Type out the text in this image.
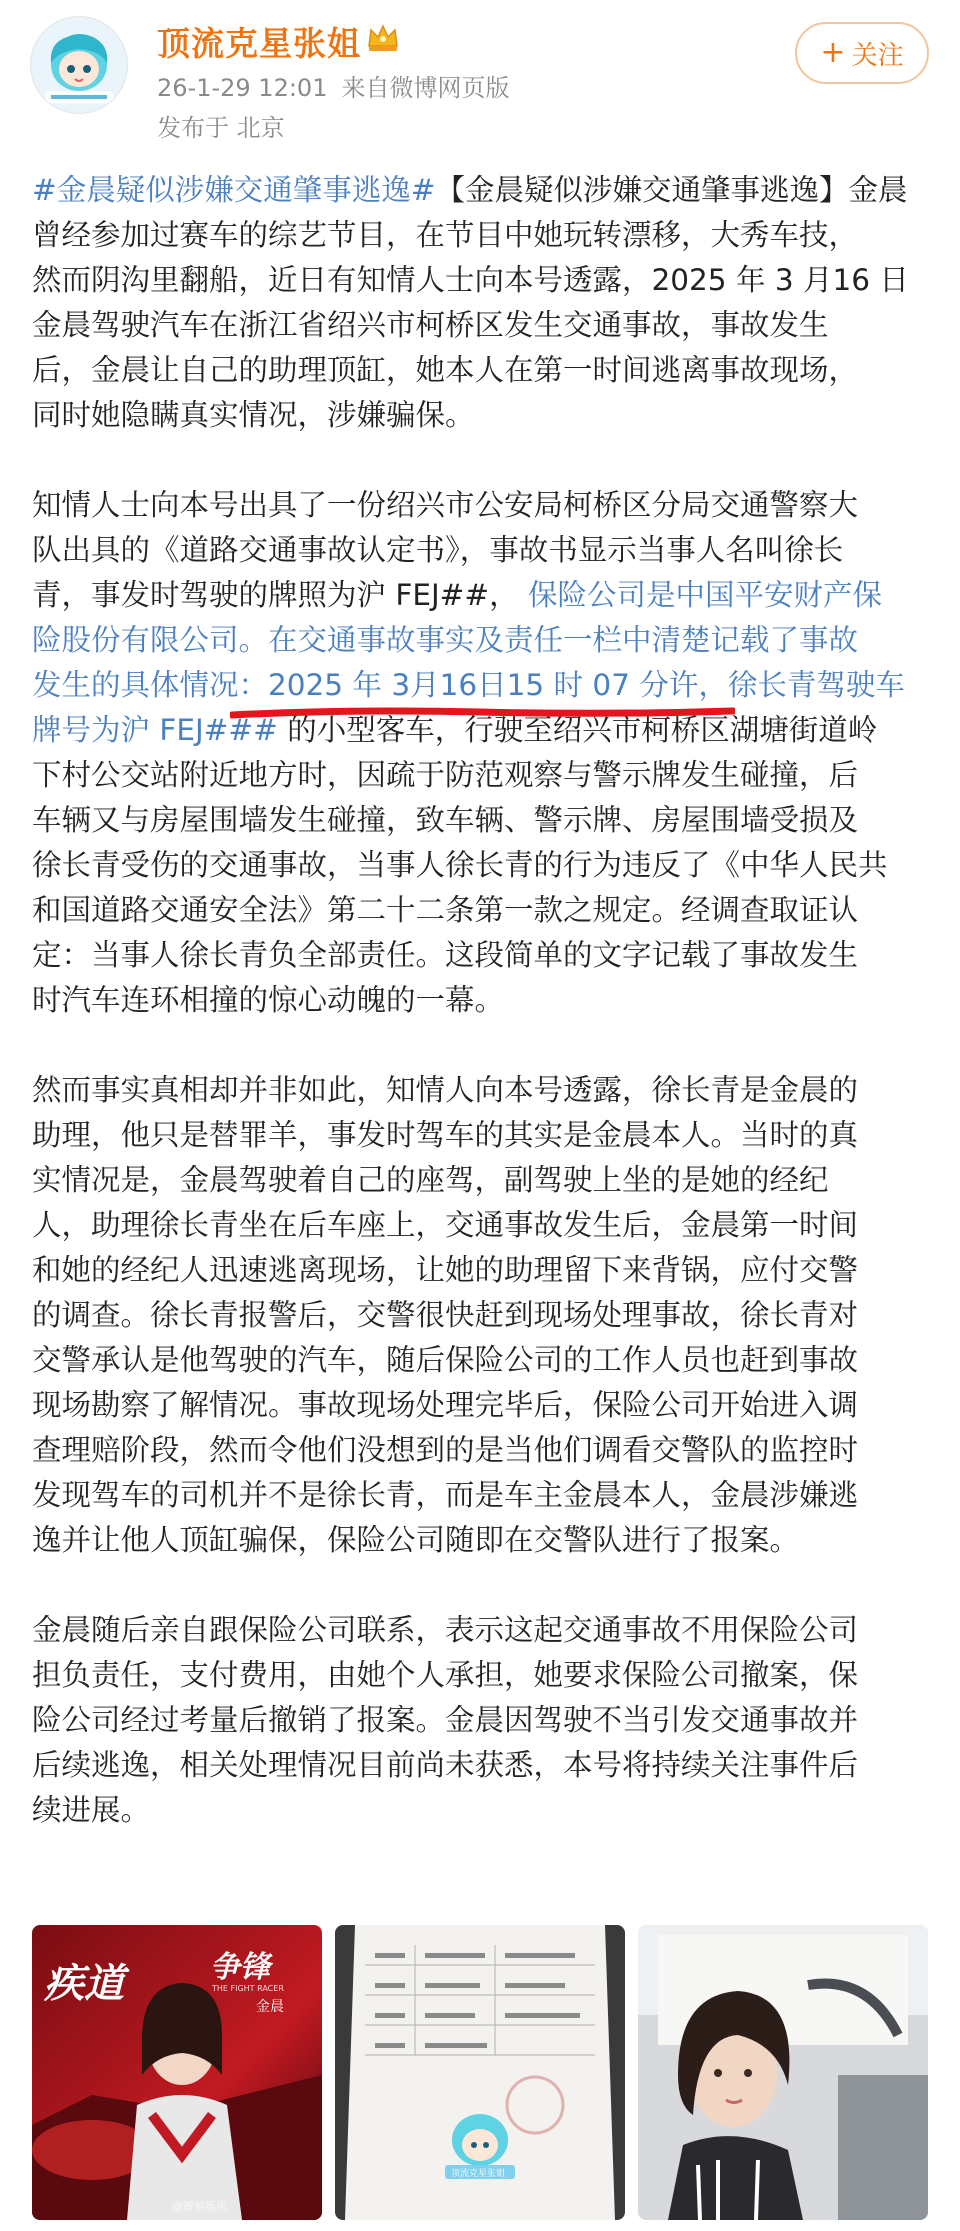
顶流克星张姐
26-1-29 12:01 来自微博网页版
发布于 北京
+ 关注
#金晨疑似涉嫌交通肇事逃逸#【金晨疑似涉嫌交通肇事逃逸】金晨
曾经参加过赛车的综艺节目，在节目中她玩转漂移，大秀车技，
然而阴沟里翻船，近日有知情人士向本号透露，2025 年 3 月16 日
金晨驾驶汽车在浙江省绍兴市柯桥区发生交通事故，事故发生
后，金晨让自己的助理顶缸，她本人在第一时间逃离事故现场，
同时她隐瞒真实情况，涉嫌骗保。
知情人士向本号出具了一份绍兴市公安局柯桥区分局交通警察大
队出具的《道路交通事故认定书》，事故书显示当事人名叫徐长
青，事发时驾驶的牌照为沪 FEJ##， 保险公司是中国平安财产保
险股份有限公司。在交通事故事实及责任一栏中清楚记载了事故
发生的具体情况：2025 年 3月16日15 时 07 分许，徐长青驾驶车
牌号为沪 FEJ### 的小型客车，行驶至绍兴市柯桥区湖塘街道岭
下村公交站附近地方时，因疏于防范观察与警示牌发生碰撞，后
车辆又与房屋围墙发生碰撞，致车辆、警示牌、房屋围墙受损及
徐长青受伤的交通事故，当事人徐长青的行为违反了《中华人民共
和国道路交通安全法》第二十二条第一款之规定。经调查取证认
定：当事人徐长青负全部责任。这段简单的文字记载了事故发生
时汽车连环相撞的惊心动魄的一幕。
然而事实真相却并非如此，知情人向本号透露，徐长青是金晨的
助理，他只是替罪羊，事发时驾车的其实是金晨本人。当时的真
实情况是，金晨驾驶着自己的座驾，副驾驶上坐的是她的经纪
人，助理徐长青坐在后车座上，交通事故发生后，金晨第一时间
和她的经纪人迅速逃离现场，让她的助理留下来背锅，应付交警
的调查。徐长青报警后，交警很快赶到现场处理事故，徐长青对
交警承认是他驾驶的汽车，随后保险公司的工作人员也赶到事故
现场勘察了解情况。事故现场处理完毕后，保险公司开始进入调
查理赔阶段，然而令他们没想到的是当他们调看交警队的监控时
发现驾车的司机并不是徐长青，而是车主金晨本人，金晨涉嫌逃
逸并让他人顶缸骗保，保险公司随即在交警队进行了报案。
金晨随后亲自跟保险公司联系，表示这起交通事故不用保险公司
担负责任，支付费用，由她个人承担，她要求保险公司撤案，保
险公司经过考量后撤销了报案。金晨因驾驶不当引发交通事故并
后续逃逸，相关处理情况目前尚未获悉，本号将持续关注事件后
续进展。
疾道	争锋
THE FIGHT RACER
金晨
@新浪娱乐
顶流克星张姐
